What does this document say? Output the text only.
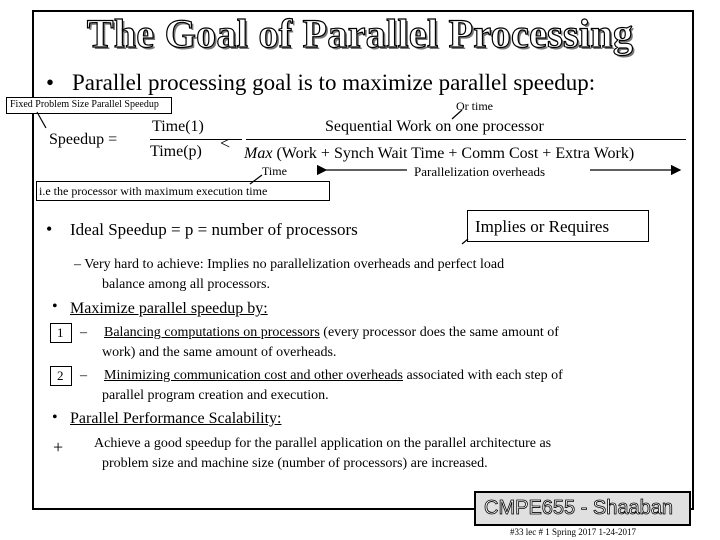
The Goal of Parallel Processing
• Parallel processing goal is to maximize parallel speedup:
Fixed Problem Size Parallel Speedup	Or time
Speedup =
Time(1)
Time(p) <
Sequential Work on one processor
Max (Work + Synch Wait Time + Comm Cost + Extra Work)
Time	Parallelization overheads
i.e the processor with maximum execution time
• Ideal Speedup = p = number of processors	Implies or Requires
– Very hard to achieve: Implies no parallelization overheads and perfect load
balance among all processors.
• Maximize parallel speedup by:
1 – Balancing computations on processors (every processor does the same amount of
work) and the same amount of overheads.
2 – Minimizing communication cost and other overheads associated with each step of
parallel program creation and execution.
• Parallel Performance Scalability:
+ Achieve a good speedup for the parallel application on the parallel architecture as
problem size and machine size (number of processors) are increased.
CMPE655 - Shaaban
#33 lec # 1 Spring 2017 1-24-2017
